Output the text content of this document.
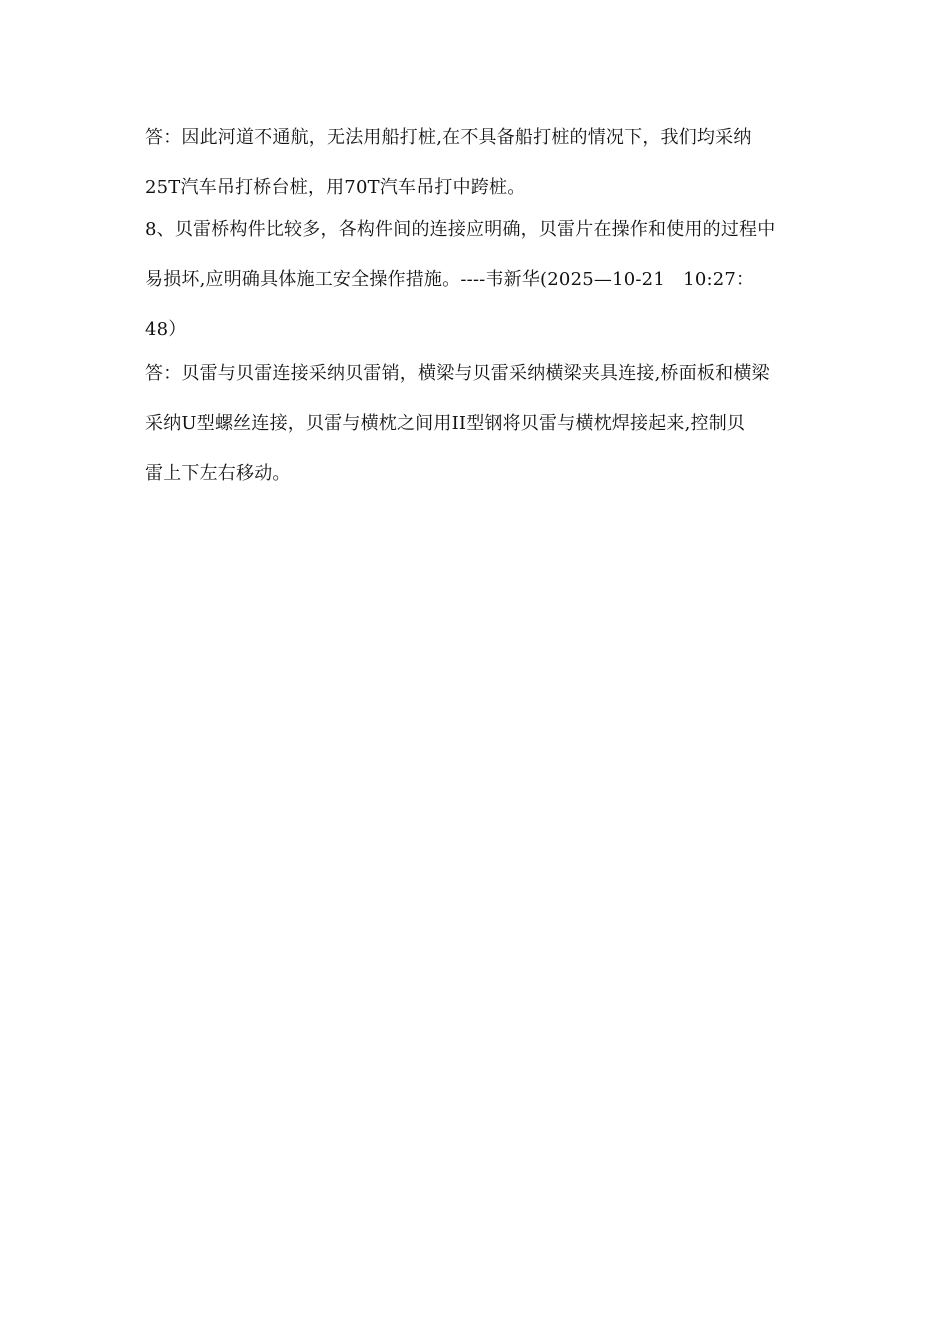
答：因此河道不通航，无法用船打桩,在不具备船打桩的情况下，我们均采纳
25T汽车吊打桥台桩，用70T汽车吊打中跨桩。
8、贝雷桥构件比较多，各构件间的连接应明确，贝雷片在操作和使用的过程中
易损坏,应明确具体施工安全操作措施。----韦新华(2025—10-21　10:27：
48）
答：贝雷与贝雷连接采纳贝雷销，横梁与贝雷采纳横梁夹具连接,桥面板和横梁
采纳U型螺丝连接，贝雷与横枕之间用II型钢将贝雷与横枕焊接起来,控制贝
雷上下左右移动。
